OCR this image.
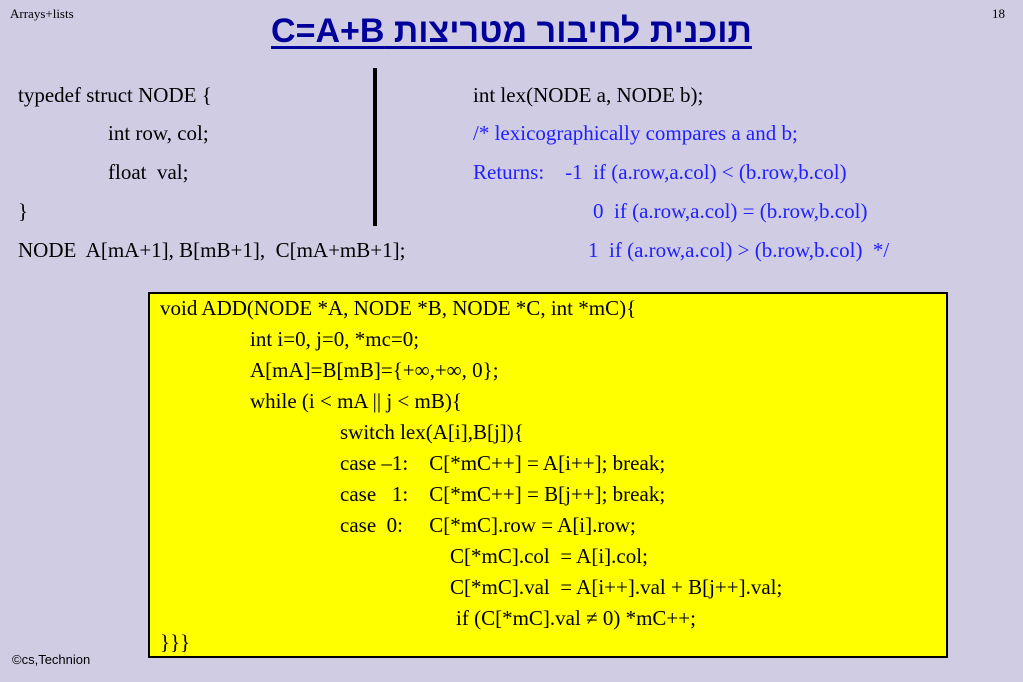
Arrays+lists	18
תוכנית לחיבור מטריצות C=A+B
typedef struct NODE {
int row, col;
float  val;
}
NODE  A[mA+1], B[mB+1],  C[mA+mB+1];
int lex(NODE a, NODE b);
/* lexicographically compares a and b;
Returns:    -1  if (a.row,a.col) < (b.row,b.col)
0  if (a.row,a.col) = (b.row,b.col)
1  if (a.row,a.col) > (b.row,b.col)  */
void ADD(NODE *A, NODE *B, NODE *C, int *mC){
int i=0, j=0, *mc=0;
A[mA]=B[mB]={+∞,+∞, 0};
while (i < mA || j < mB){
switch lex(A[i],B[j]){
case –1:    C[*mC++] = A[i++]; break;
case   1:    C[*mC++] = B[j++]; break;
case  0:     C[*mC].row = A[i].row;
C[*mC].col  = A[i].col;
C[*mC].val  = A[i++].val + B[j++].val;
if (C[*mC].val ≠ 0) *mC++;
}}}
©cs,Technion
